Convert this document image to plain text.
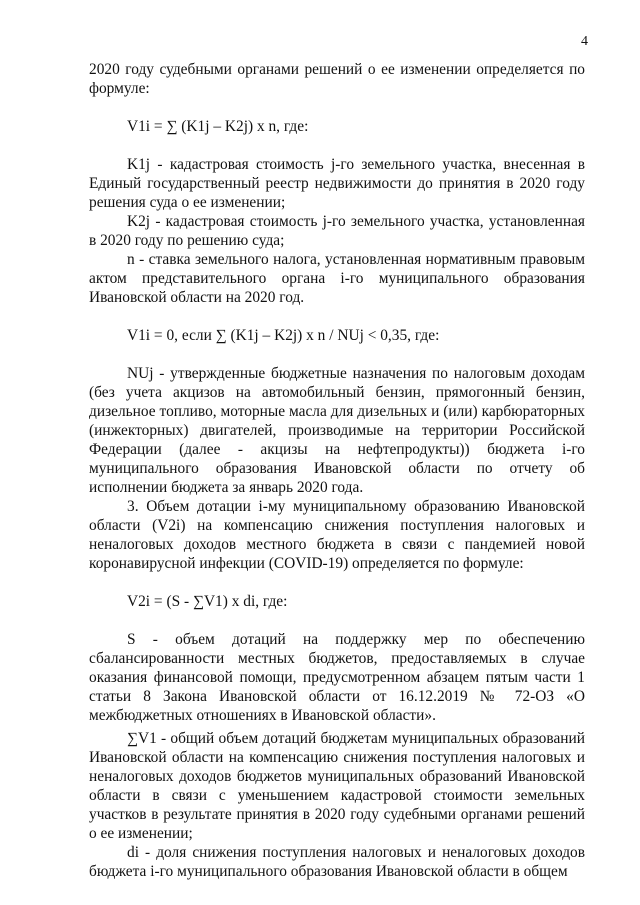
4

2020 году судебными органами решений о ее изменении определяется по формуле:

V1i = ∑ (K1j – K2j) x n, где:

K1j - кадастровая стоимость j-го земельного участка, внесенная в Единый государственный реестр недвижимости до принятия в 2020 году решения суда о ее изменении;

K2j - кадастровая стоимость j-го земельного участка, установленная в 2020 году по решению суда;

n - ставка земельного налога, установленная нормативным правовым актом представительного органа i-го муниципального образования Ивановской области на 2020 год.

V1i = 0, если ∑ (K1j – K2j) x n / NUj < 0,35, где:

NUj - утвержденные бюджетные назначения по налоговым доходам (без учета акцизов на автомобильный бензин, прямогонный бензин, дизельное топливо, моторные масла для дизельных и (или) карбюраторных (инжекторных) двигателей, производимые на территории Российской Федерации (далее - акцизы на нефтепродукты)) бюджета i-го муниципального образования Ивановской области по отчету об исполнении бюджета за январь 2020 года.

3. Объем дотации i-му муниципальному образованию Ивановской области (V2i) на компенсацию снижения поступления налоговых и неналоговых доходов местного бюджета в связи с пандемией новой коронавирусной инфекции (COVID-19) определяется по формуле:

V2i = (S - ∑V1) x di, где:

S - объем дотаций на поддержку мер по обеспечению сбалансированности местных бюджетов, предоставляемых в случае оказания финансовой помощи, предусмотренном абзацем пятым части 1 статьи 8 Закона Ивановской области от 16.12.2019 № 72-ОЗ «О межбюджетных отношениях в Ивановской области».

∑V1 - общий объем дотаций бюджетам муниципальных образований Ивановской области на компенсацию снижения поступления налоговых и неналоговых доходов бюджетов муниципальных образований Ивановской области в связи с уменьшением кадастровой стоимости земельных участков в результате принятия в 2020 году судебными органами решений о ее изменении;

di - доля снижения поступления налоговых и неналоговых доходов бюджета i-го муниципального образования Ивановской области в общем
